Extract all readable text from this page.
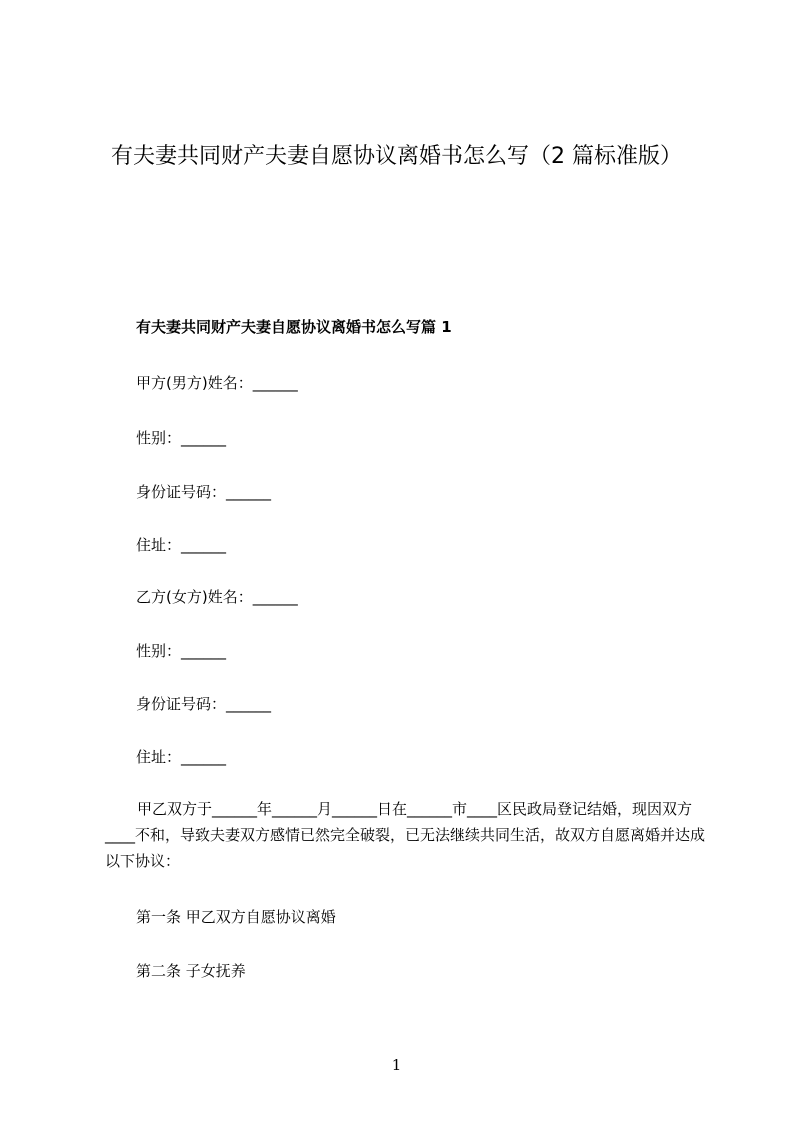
有夫妻共同财产夫妻自愿协议离婚书怎么写（2 篇标准版）

有夫妻共同财产夫妻自愿协议离婚书怎么写篇 1

甲方(男方)姓名：______

性别：______

身份证号码：______

住址：______

乙方(女方)姓名：______

性别：______

身份证号码：______

住址：______

甲乙双方于______年______月______日在______市____区民政局登记结婚，现因双方____不和，导致夫妻双方感情已然完全破裂，已无法继续共同生活，故双方自愿离婚并达成以下协议：

第一条 甲乙双方自愿协议离婚

第二条 子女抚养

1
